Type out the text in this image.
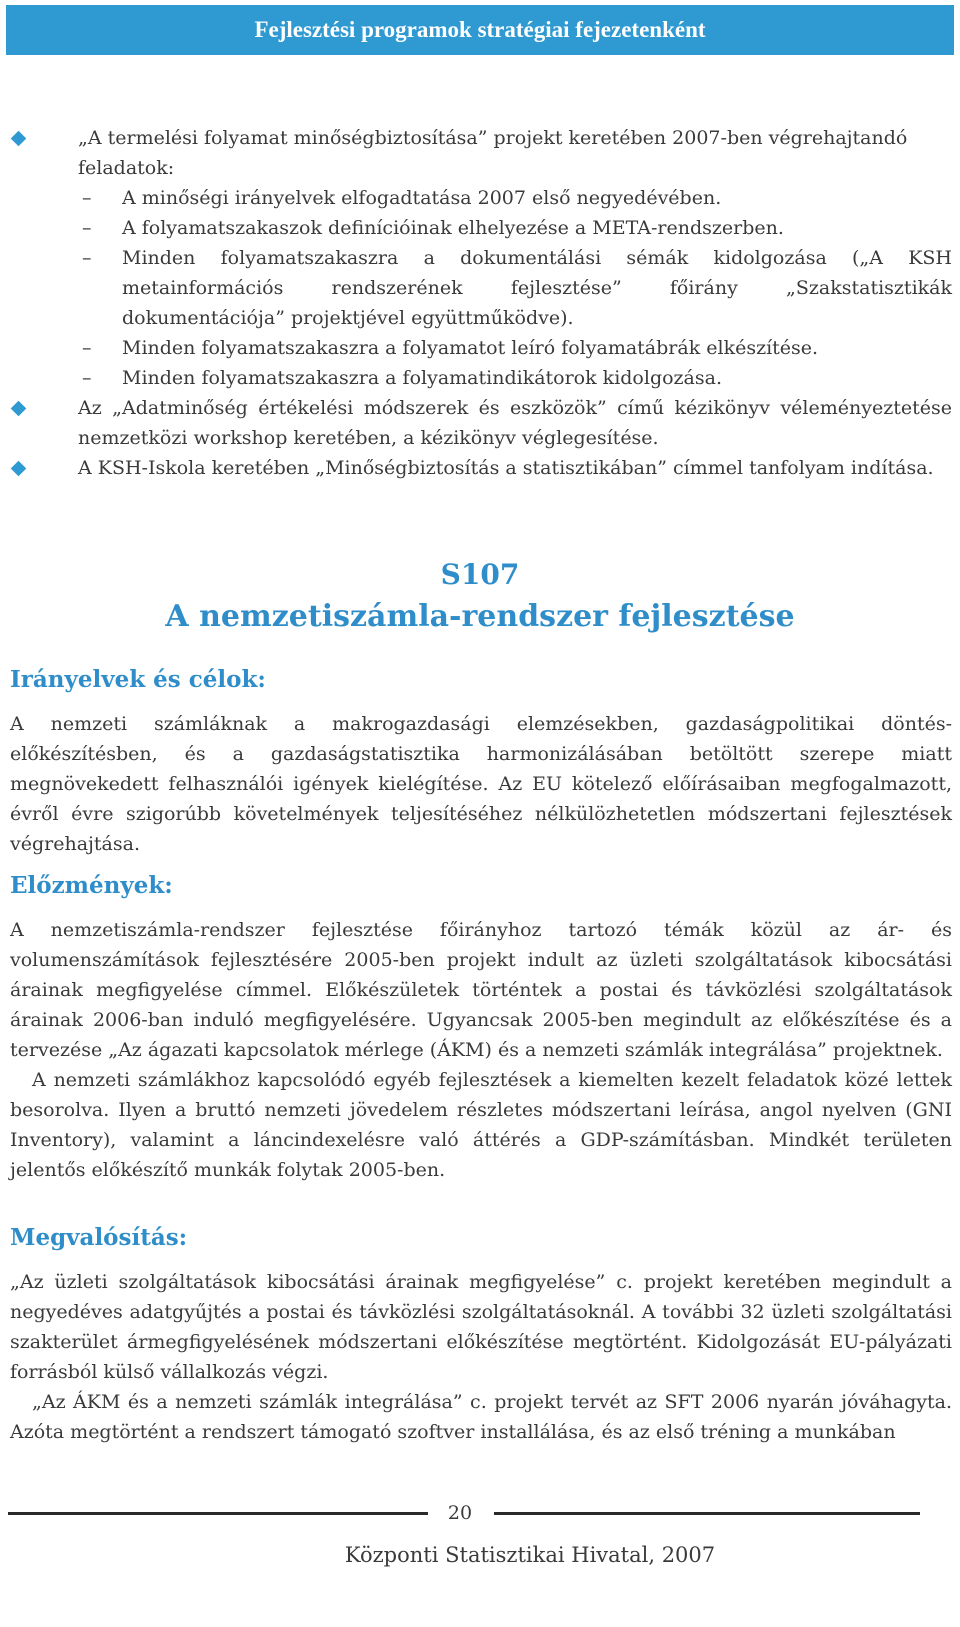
Fejlesztési programok stratégiai fejezetenként
„A termelési folyamat minőségbiztosítása” projekt keretében 2007-ben végrehajtandó feladatok:
– A minőségi irányelvek elfogadtatása 2007 első negyedévében.
– A folyamatszakaszok definícióinak elhelyezése a META-rendszerben.
– Minden folyamatszakaszra a dokumentálási sémák kidolgozása („A KSH metainformációs rendszerének fejlesztése” főirány „Szakstatisztikák dokumentációja” projektjével együttműködve).
– Minden folyamatszakaszra a folyamatot leíró folyamatábrák elkészítése.
– Minden folyamatszakaszra a folyamatindikátorok kidolgozása.
Az „Adatminőség értékelési módszerek és eszközök” című kézikönyv véleményeztetése nemzetközi workshop keretében, a kézikönyv véglegesítése.
A KSH-Iskola keretében „Minőségbiztosítás a statisztikában” címmel tanfolyam indítása.
S107
A nemzetiszámla-rendszer fejlesztése
Irányelvek és célok:
A nemzeti számláknak a makrogazdasági elemzésekben, gazdaságpolitikai döntés-előkészítésben, és a gazdaságstatisztika harmonizálásában betöltött szerepe miatt megnövekedett felhasználói igények kielégítése. Az EU kötelező előírásaiban megfogalmazott, évről évre szigorúbb követelmények teljesítéséhez nélkülözhetetlen módszertani fejlesztések végrehajtása.
Előzmények:
A nemzetiszámla-rendszer fejlesztése főirányhoz tartozó témák közül az ár- és volumenszámítások fejlesztésére 2005-ben projekt indult az üzleti szolgáltatások kibocsátási árainak megfigyelése címmel. Előkészületek történtek a postai és távközlési szolgáltatások árainak 2006-ban induló megfigyelésére. Ugyancsak 2005-ben megindult az előkészítése és a tervezése „Az ágazati kapcsolatok mérlege (ÁKM) és a nemzeti számlák integrálása” projektnek.
A nemzeti számlákhoz kapcsolódó egyéb fejlesztések a kiemelten kezelt feladatok közé lettek besorolva. Ilyen a bruttó nemzeti jövedelem részletes módszertani leírása, angol nyelven (GNI Inventory), valamint a láncindexelésre való áttérés a GDP-számításban. Mindkét területen jelentős előkészítő munkák folytak 2005-ben.
Megvalósítás:
„Az üzleti szolgáltatások kibocsátási árainak megfigyelése” c. projekt keretében megindult a negyedéves adatgyűjtés a postai és távközlési szolgáltatásoknál. A további 32 üzleti szolgáltatási szakterület ármegfigyelésének módszertani előkészítése megtörtént. Kidolgozását EU-pályázati forrásból külső vállalkozás végzi.
„Az ÁKM és a nemzeti számlák integrálása” c. projekt tervét az SFT 2006 nyarán jóváhagyta. Azóta megtörtént a rendszert támogató szoftver installálása, és az első tréning a munkában
20
Központi Statisztikai Hivatal, 2007
